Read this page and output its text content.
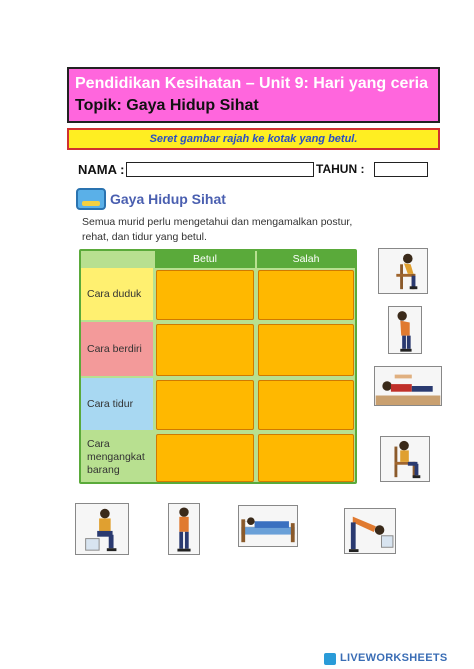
Pendidikan Kesihatan – Unit 9: Hari yang ceria
Topik: Gaya Hidup Sihat
Seret gambar rajah ke kotak yang betul.
NAMA :	TAHUN :
Gaya Hidup Sihat
Semua murid perlu mengetahui dan mengamalkan postur, rehat, dan tidur yang betul.
Betul	Salah
Cara duduk
Cara berdiri
Cara tidur
Cara mengangkat barang
LIVEWORKSHEETS
